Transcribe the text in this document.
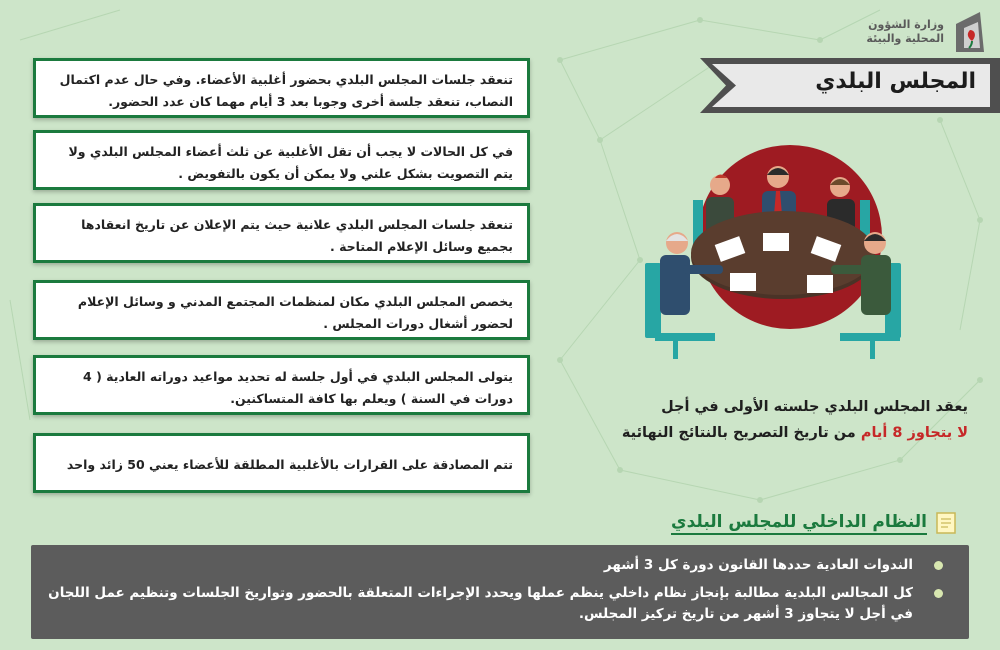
وزارة الشؤون
المحلية والبيئة
المجلس البلدي
تنعقد جلسات المجلس البلدي بحضور أغلبية الأعضاء. وفي حال عدم اكتمال النصاب، تنعقد جلسة أخرى وجوبا بعد 3 أيام مهما كان عدد الحضور.
في كل الحالات لا يجب أن تقل الأغلبية عن ثلث أعضاء المجلس البلدي ولا يتم التصويت بشكل علني ولا يمكن أن يكون بالتفويض .
تنعقد جلسات المجلس البلدي علانية حيث يتم الإعلان عن تاريخ انعقادها بجميع وسائل الإعلام المتاحة .
يخصص المجلس البلدي مكان لمنظمات المجتمع المدني و وسائل الإعلام لحضور أشغال دورات المجلس .
يتولى المجلس البلدي في أول جلسة له تحديد مواعيد دوراته العادية ( 4 دورات في السنة ) ويعلم بها كافة المتساكنين.
تتم المصادقة على القرارات بالأغلبية المطلقة للأعضاء يعني 50 زائد واحد
يعقد المجلس البلدي جلسته الأولى في أجل لا يتجاوز 8 أيام من تاريخ التصريح بالنتائج النهائية
النظام الداخلي للمجلس البلدي
الندوات العادية حددها القانون دورة كل 3 أشهر
كل المجالس البلدية مطالبة بإنجاز نظام داخلي ينظم عملها ويحدد الإجراءات المتعلقة بالحضور وتواريخ الجلسات وتنظيم عمل اللجان في أجل لا يتجاوز 3 أشهر من تاريخ تركيز المجلس.
